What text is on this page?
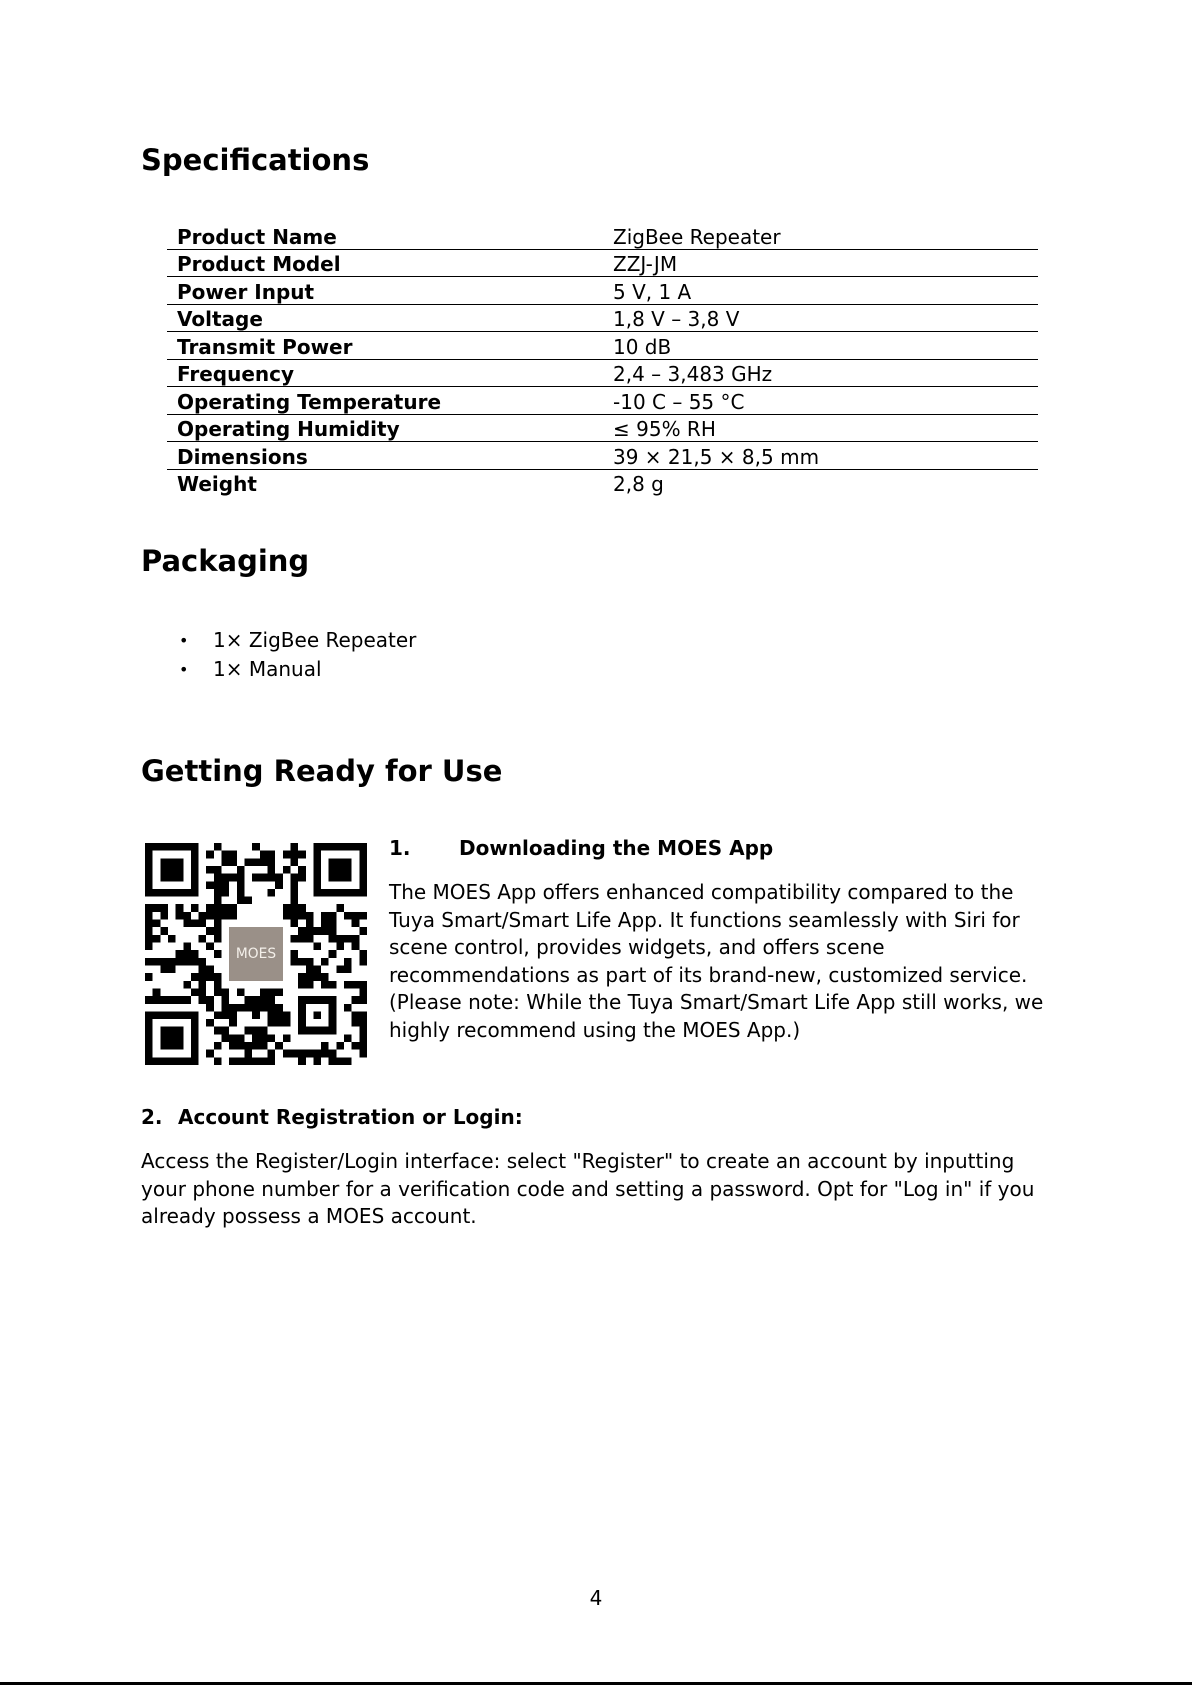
Specifications
Product Name	ZigBee Repeater
Product Model	ZZJ-JM
Power Input	5 V, 1 A
Voltage	1,8 V – 3,8 V
Transmit Power	10 dB
Frequency	2,4 – 3,483 GHz
Operating Temperature	-10 C – 55 °C
Operating Humidity	≤ 95% RH
Dimensions	39 × 21,5 × 8,5 mm
Weight	2,8 g
Packaging
• 1× ZigBee Repeater
• 1× Manual
Getting Ready for Use
MOES
1. Downloading the MOES App

The MOES App offers enhanced compatibility compared to the Tuya Smart/Smart Life App. It functions seamlessly with Siri for scene control, provides widgets, and offers scene recommendations as part of its brand-new, customized service. (Please note: While the Tuya Smart/Smart Life App still works, we highly recommend using the MOES App.)

2. Account Registration or Login:

Access the Register/Login interface: select "Register" to create an account by inputting your phone number for a verification code and setting a password. Opt for "Log in" if you already possess a MOES account.

4
